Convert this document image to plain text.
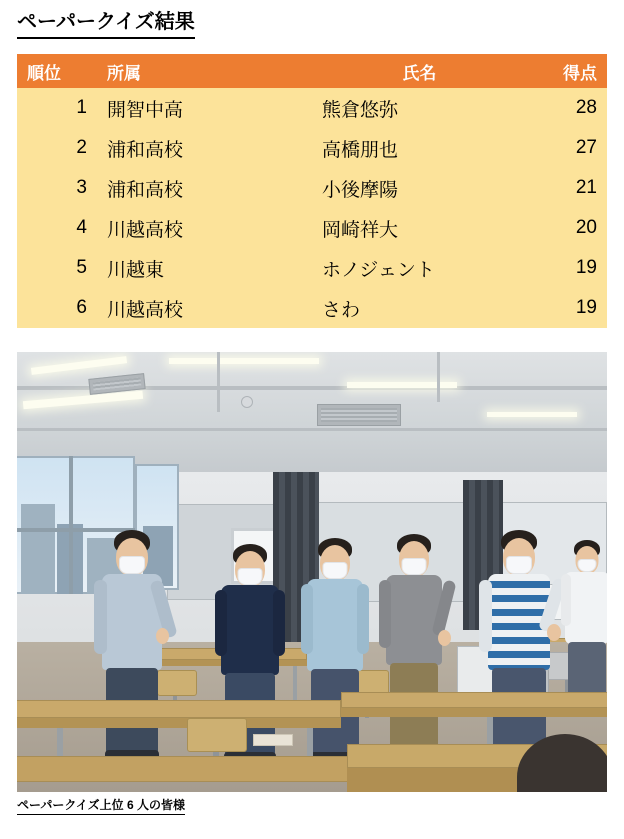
ペーパークイズ結果
順位	所属	氏名	得点
1	開智中高	熊倉悠弥	28
2	浦和高校	高橋朋也	27
3	浦和高校	小後摩陽	21
4	川越高校	岡崎祥大	20
5	川越東	ホノジェント	19
6	川越高校	さわ	19
ペーパークイズ上位 6 人の皆様
